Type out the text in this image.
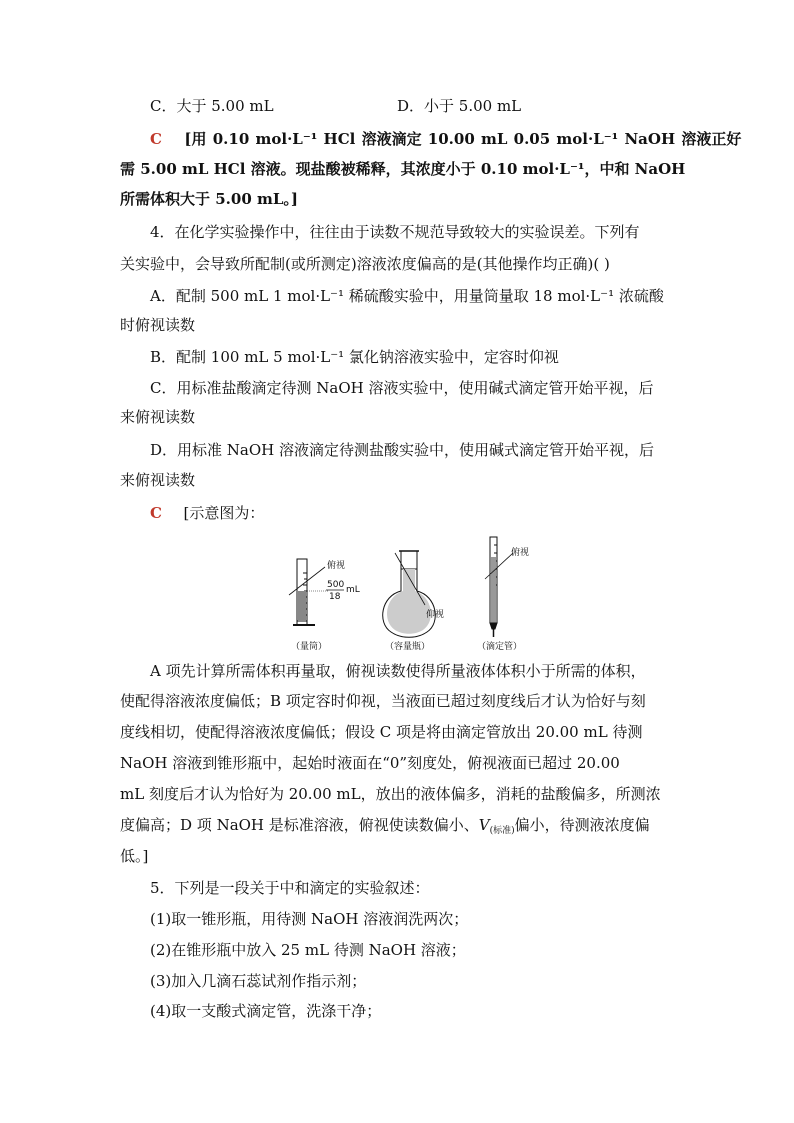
C．大于 5.00 mL	D．小于 5.00 mL
C [用 0.10 mol·L⁻¹ HCl 溶液滴定 10.00 mL 0.05 mol·L⁻¹ NaOH 溶液正好
需 5.00 mL HCl 溶液。现盐酸被稀释，其浓度小于 0.10 mol·L⁻¹，中和 NaOH
所需体积大于 5.00 mL。]
4．在化学实验操作中，往往由于读数不规范导致较大的实验误差。下列有
关实验中，会导致所配制(或所测定)溶液浓度偏高的是(其他操作均正确)( )
A．配制 500 mL 1 mol·L⁻¹ 稀硫酸实验中，用量筒量取 18 mol·L⁻¹ 浓硫酸
时俯视读数
B．配制 100 mL 5 mol·L⁻¹ 氯化钠溶液实验中，定容时仰视
C．用标准盐酸滴定待测 NaOH 溶液实验中，使用碱式滴定管开始平视，后
来俯视读数
D．用标准 NaOH 溶液滴定待测盐酸实验中，使用碱式滴定管开始平视，后
来俯视读数
C [示意图为：
俯视
500
18
mL
仰视
俯视
（量筒）	（容量瓶）	（滴定管）
A 项先计算所需体积再量取，俯视读数使得所量液体体积小于所需的体积，
使配得溶液浓度偏低；B 项定容时仰视，当液面已超过刻度线后才认为恰好与刻
度线相切，使配得溶液浓度偏低；假设 C 项是将由滴定管放出 20.00 mL 待测
NaOH 溶液到锥形瓶中，起始时液面在“0”刻度处，俯视液面已超过 20.00
mL 刻度后才认为恰好为 20.00 mL，放出的液体偏多，消耗的盐酸偏多，所测浓
度偏高；D 项 NaOH 是标准溶液，俯视使读数偏小、$V_{(标准)}$偏小，待测液浓度偏
低。]
5．下列是一段关于中和滴定的实验叙述：
(1)取一锥形瓶，用待测 NaOH 溶液润洗两次；
(2)在锥形瓶中放入 25 mL 待测 NaOH 溶液；
(3)加入几滴石蕊试剂作指示剂；
(4)取一支酸式滴定管，洗涤干净；
